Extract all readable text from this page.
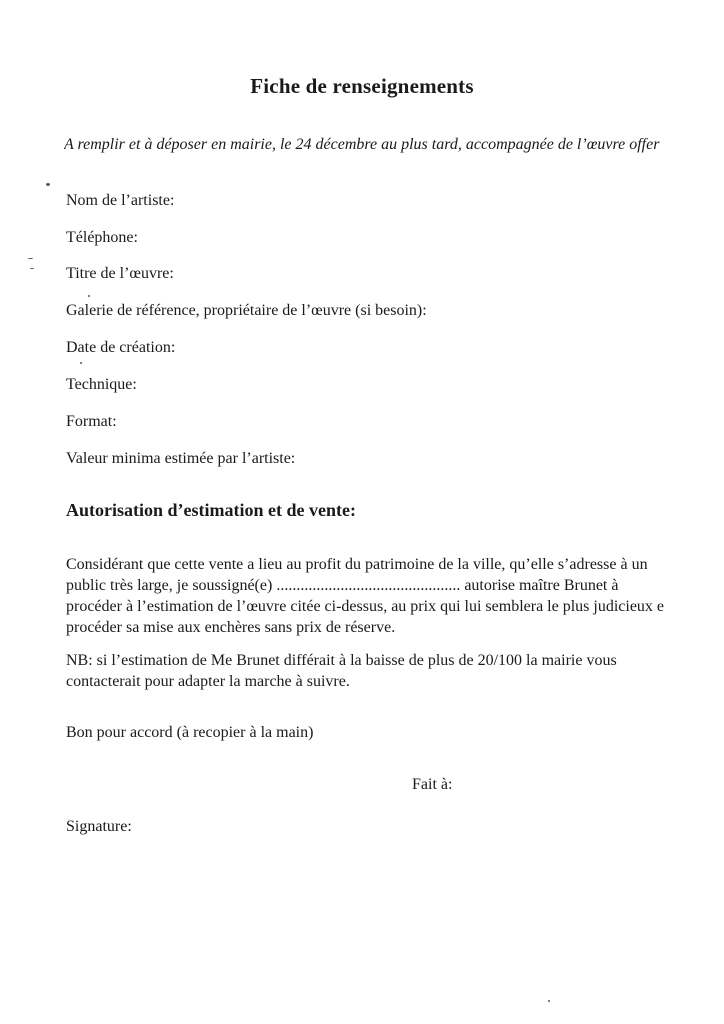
Fiche de renseignements
A remplir et à déposer en mairie, le 24 décembre au plus tard, accompagnée de l’œuvre offer
Nom de l’artiste:
Téléphone:
Titre de l’œuvre:
Galerie de référence, propriétaire de l’œuvre (si besoin):
Date de création:
Technique:
Format:
Valeur minima estimée par l’artiste:
Autorisation d’estimation et de vente:
Considérant que cette vente a lieu au profit du patrimoine de la ville, qu’elle s’adresse à un
public très large, je soussigné(e) .............................................. autorise maître Brunet à
procéder à l’estimation de l’œuvre citée ci-dessus, au prix qui lui semblera le plus judicieux e
procéder sa mise aux enchères sans prix de réserve.
NB: si l’estimation de Me Brunet différait à la baisse de plus de 20/100 la mairie vous
contacterait pour adapter la marche à suivre.
Bon pour accord (à recopier à la main)
Fait à:
Signature:
